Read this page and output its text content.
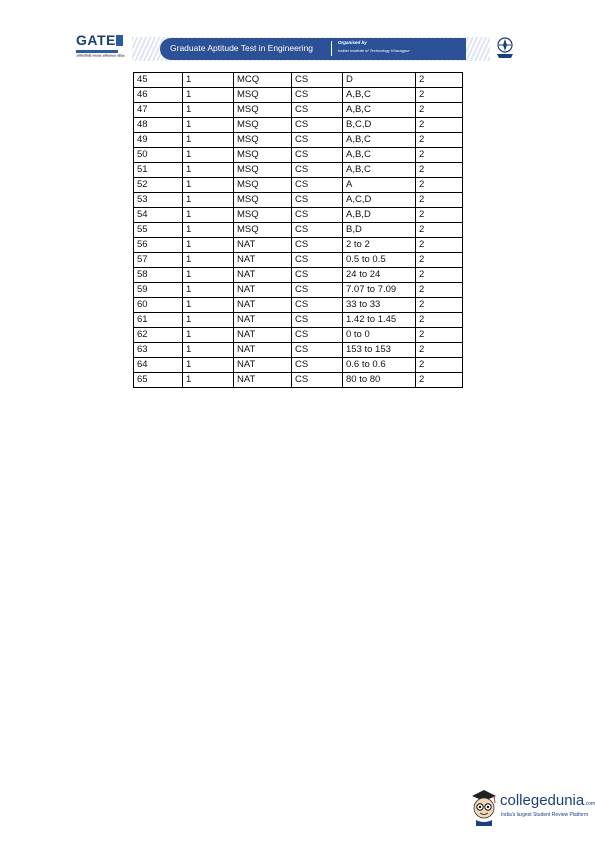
GATE
अभियांत्रिकी स्नातक अभिक्षमता परीक्षा
Graduate Aptitude Test in Engineering
Organised by
Indian Institute of Technology Kharagpur
45	1	MCQ	CS	D	2
46	1	MSQ	CS	A,B,C	2
47	1	MSQ	CS	A,B,C	2
48	1	MSQ	CS	B,C,D	2
49	1	MSQ	CS	A,B,C	2
50	1	MSQ	CS	A,B,C	2
51	1	MSQ	CS	A,B,C	2
52	1	MSQ	CS	A	2
53	1	MSQ	CS	A,C,D	2
54	1	MSQ	CS	A,B,D	2
55	1	MSQ	CS	B,D	2
56	1	NAT	CS	2 to 2	2
57	1	NAT	CS	0.5 to 0.5	2
58	1	NAT	CS	24 to 24	2
59	1	NAT	CS	7.07 to 7.09	2
60	1	NAT	CS	33 to 33	2
61	1	NAT	CS	1.42 to 1.45	2
62	1	NAT	CS	0 to 0	2
63	1	NAT	CS	153 to 153	2
64	1	NAT	CS	0.6 to 0.6	2
65	1	NAT	CS	80 to 80	2
collegedunia.com
India's largest Student Review Platform
